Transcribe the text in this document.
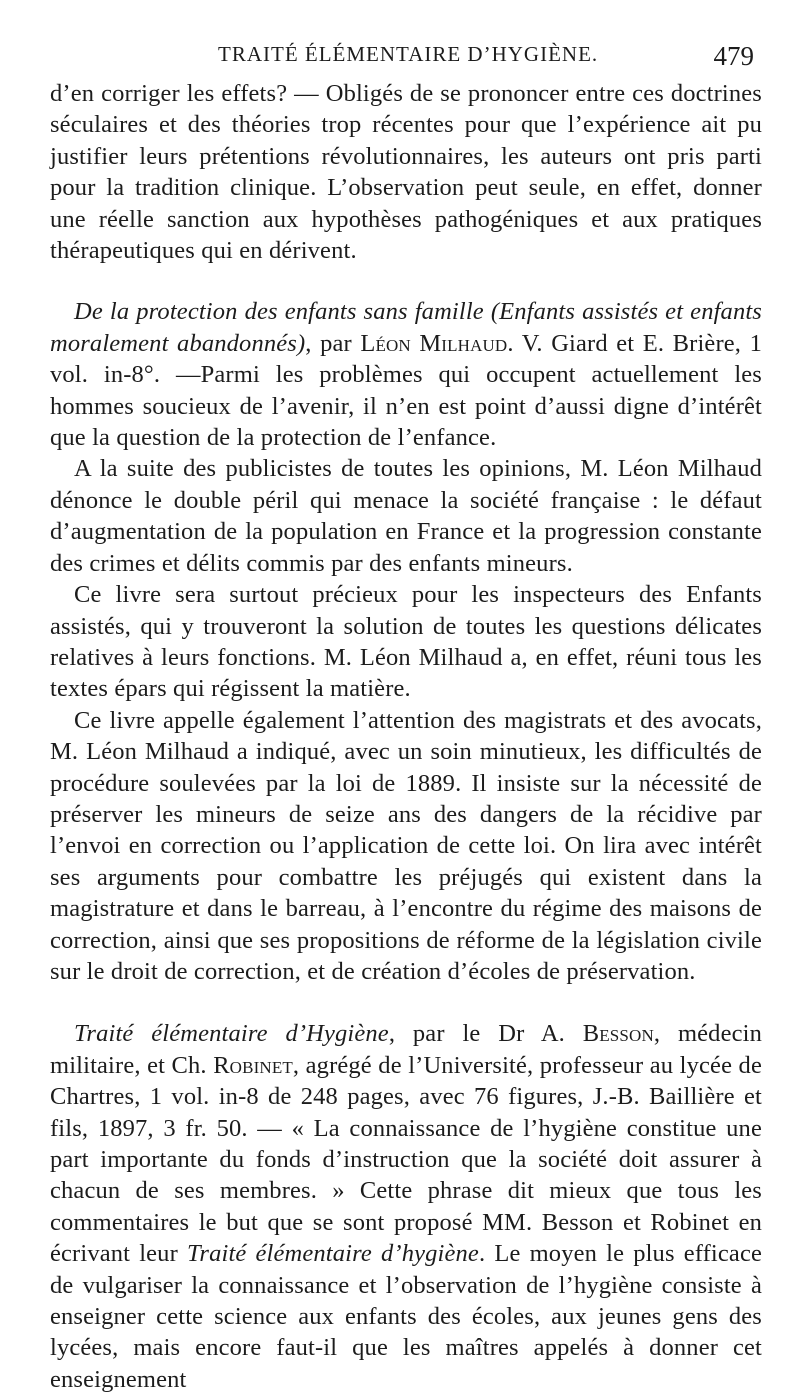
TRAITÉ ÉLÉMENTAIRE D’HYGIÈNE.	479

d’en corriger les effets? — Obligés de se prononcer entre ces doctrines séculaires et des théories trop récentes pour que l’expérience ait pu justifier leurs prétentions révolutionnaires, les auteurs ont pris parti pour la tradition clinique. L’observation peut seule, en effet, donner une réelle sanction aux hypothèses pathogéniques et aux pratiques thérapeutiques qui en dérivent.

De la protection des enfants sans famille (Enfants assistés et enfants moralement abandonnés), par Léon Milhaud. V. Giard et E. Brière, 1 vol. in-8°. —Parmi les problèmes qui occupent actuellement les hommes soucieux de l’avenir, il n’en est point d’aussi digne d’intérêt que la question de la protection de l’enfance.

A la suite des publicistes de toutes les opinions, M. Léon Milhaud dénonce le double péril qui menace la société française : le défaut d’augmentation de la population en France et la progression constante des crimes et délits commis par des enfants mineurs.

Ce livre sera surtout précieux pour les inspecteurs des Enfants assistés, qui y trouveront la solution de toutes les questions délicates relatives à leurs fonctions. M. Léon Milhaud a, en effet, réuni tous les textes épars qui régissent la matière.

Ce livre appelle également l’attention des magistrats et des avocats, M. Léon Milhaud a indiqué, avec un soin minutieux, les difficultés de procédure soulevées par la loi de 1889. Il insiste sur la nécessité de préserver les mineurs de seize ans des dangers de la récidive par l’envoi en correction ou l’application de cette loi. On lira avec intérêt ses arguments pour combattre les préjugés qui existent dans la magistrature et dans le barreau, à l’encontre du régime des maisons de correction, ainsi que ses propositions de réforme de la législation civile sur le droit de correction, et de création d’écoles de préservation.

Traité élémentaire d’Hygiène, par le Dr A. Besson, médecin militaire, et Ch. Robinet, agrégé de l’Université, professeur au lycée de Chartres, 1 vol. in-8 de 248 pages, avec 76 figures, J.-B. Baillière et fils, 1897, 3 fr. 50. — « La connaissance de l’hygiène constitue une part importante du fonds d’instruction que la société doit assurer à chacun de ses membres. » Cette phrase dit mieux que tous les commentaires le but que se sont proposé MM. Besson et Robinet en écrivant leur Traité élémentaire d’hygiène. Le moyen le plus efficace de vulgariser la connaissance et l’observation de l’hygiène consiste à enseigner cette science aux enfants des écoles, aux jeunes gens des lycées, mais encore faut-il que les maîtres appelés à donner cet enseignement
